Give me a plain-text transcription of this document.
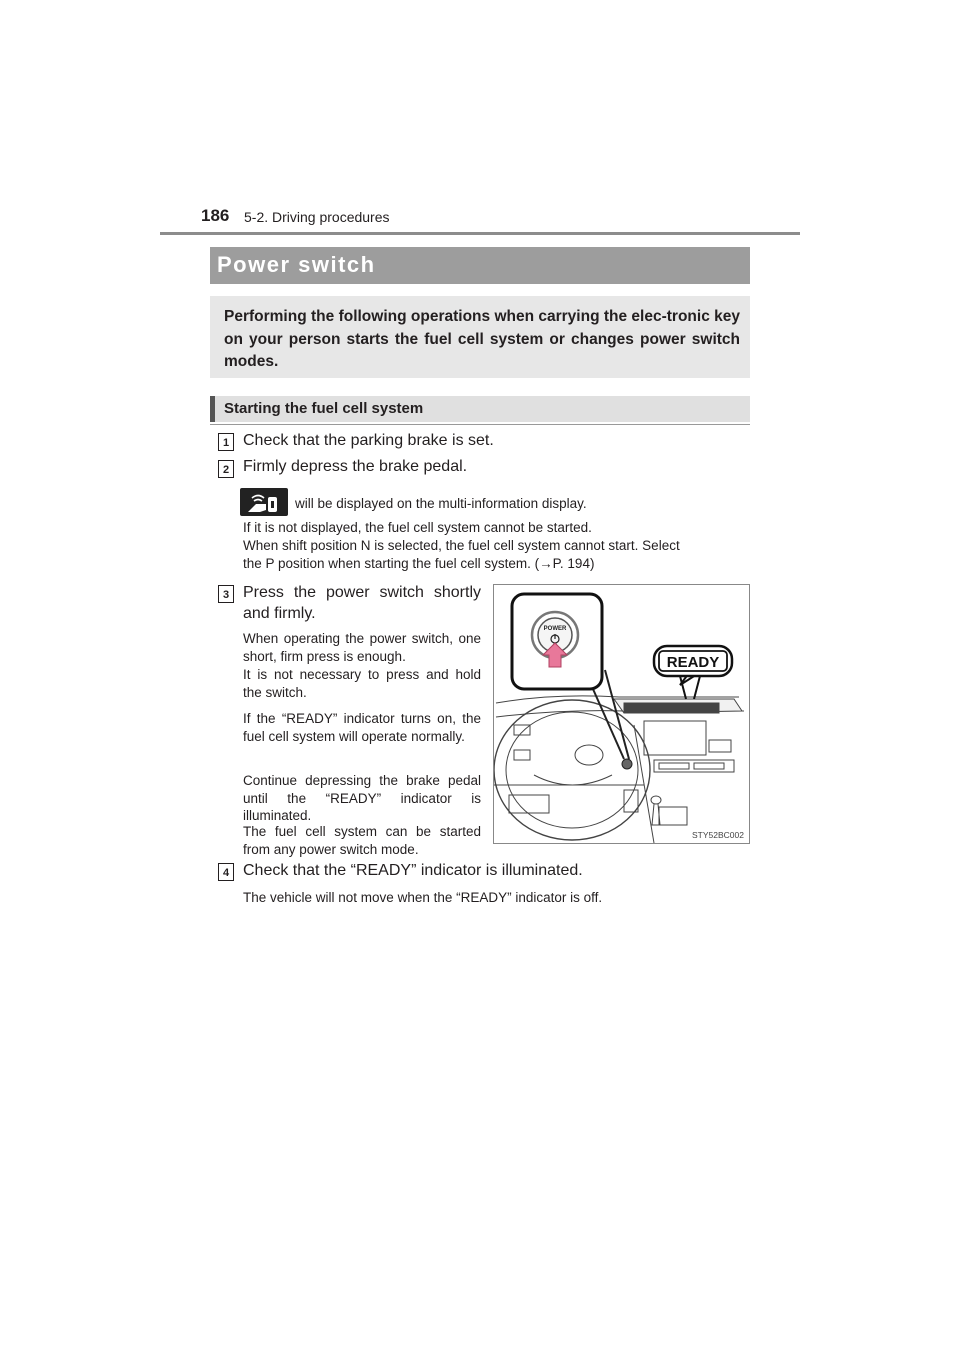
186 5-2. Driving procedures
Power switch
Performing the following operations when carrying the elec-tronic key on your person starts the fuel cell system or changes power switch modes.
Starting the fuel cell system
1 Check that the parking brake is set.
2 Firmly depress the brake pedal.
will be displayed on the multi-information display.
If it is not displayed, the fuel cell system cannot be started.
When shift position N is selected, the fuel cell system cannot start. Select
the P position when starting the fuel cell system. (→P. 194)
3 Press the power switch shortly
and firmly.
When operating the power switch, one short, firm press is enough.
It is not necessary to press and hold the switch.
If the “READY” indicator turns on, the fuel cell system will operate normally.
Continue depressing the brake pedal until the “READY” indicator is illuminated.
The fuel cell system can be started from any power switch mode.
POWER
READY
STY52BC002
4 Check that the “READY” indicator is illuminated.
The vehicle will not move when the “READY” indicator is off.
